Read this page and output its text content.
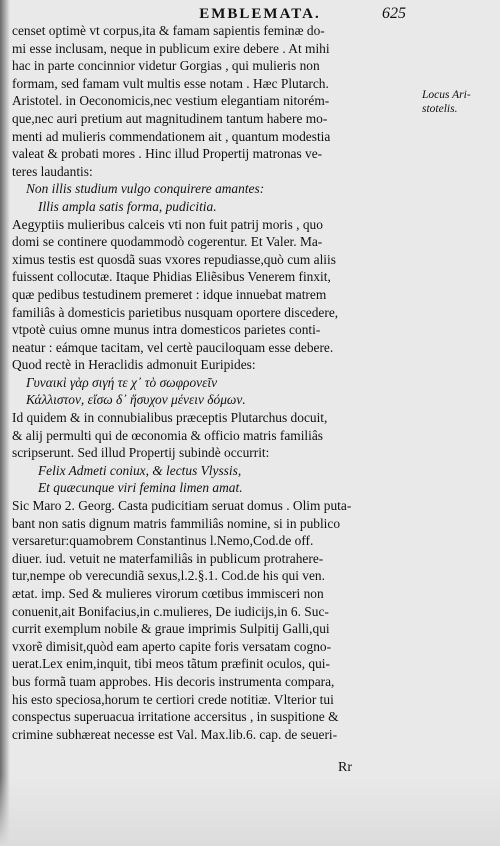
EMBLEMATA.	625
Locus Ari-
stotelis.
censet optimè vt corpus,ita & famam sapientis feminæ do-
mi esse inclusam, neque in publicum exire debere . At mihi
hac in parte concinnior videtur Gorgias , qui mulieris non
formam, sed famam vult multis esse notam . Hæc Plutarch.
Aristotel. in Oeconomicis,nec vestium elegantiam nitorém-
que,nec auri pretium aut magnitudinem tantum habere mo-
menti ad mulieris commendationem ait , quantum modestia
valeat & probati mores . Hinc illud Propertij matronas ve-
teres laudantis:
Non illis studium vulgo conquirere amantes:
Illis ampla satis forma, pudicitia.
Aegyptiis mulieribus calceis vti non fuit patrij moris , quo
domi se continere quodammodò cogerentur. Et Valer. Ma-
ximus testis est quosdã suas vxores repudiasse,quò cum aliis
fuissent collocutæ. Itaque Phidias Eliẽsibus Venerem finxit,
quæ pedibus testudinem premeret : idque innuebat matrem
familiâs à domesticis parietibus nusquam oportere discedere,
vtpotè cuius omne munus intra domesticos parietes conti-
neatur : eámque tacitam, vel certè pauciloquam esse debere.
Quod rectè in Heraclidis admonuit Euripides:
Γυναικὶ γὰρ σιγή τε χ᾽ τὸ σωφρονεῖν
Κάλλιστον, εἴσω δ᾽ ἥσυχον μένειν δόμων.
Id quidem & in connubialibus præceptis Plutarchus docuit,
& alij permulti qui de œconomia & officio matris familiâs
scripserunt. Sed illud Propertij subindè occurrit:
Felix Admeti coniux, & lectus Vlyssis,
Et quæcunque viri femina limen amat.
Sic Maro 2. Georg. Casta pudicitiam seruat domus . Olim puta-
bant non satis dignum matris fammiliâs nomine, si in publico
versaretur:quamobrem Constantinus l.Nemo,Cod.de off.
diuer. iud. vetuit ne materfamiliâs in publicum protrahere-
tur,nempe ob verecundiã sexus,l.2.§.1. Cod.de his qui ven.
ætat. imp. Sed & mulieres virorum cœtibus immisceri non
conuenit,ait Bonifacius,in c.mulieres, De iudicijs,in 6. Suc-
currit exemplum nobile & graue imprimis Sulpitij Galli,qui
vxorẽ dimisit,quòd eam aperto capite foris versatam cogno-
uerat.Lex enim,inquit, tibi meos tãtum præfinit oculos, qui-
bus formã tuam approbes. His decoris instrumenta compara,
his esto speciosa,horum te certiori crede notitiæ. Vlterior tui
conspectus superuacua irritatione accersitus , in suspitione &
crimine subhæreat necesse est Val. Max.lib.6. cap. de seueri-
Rr
